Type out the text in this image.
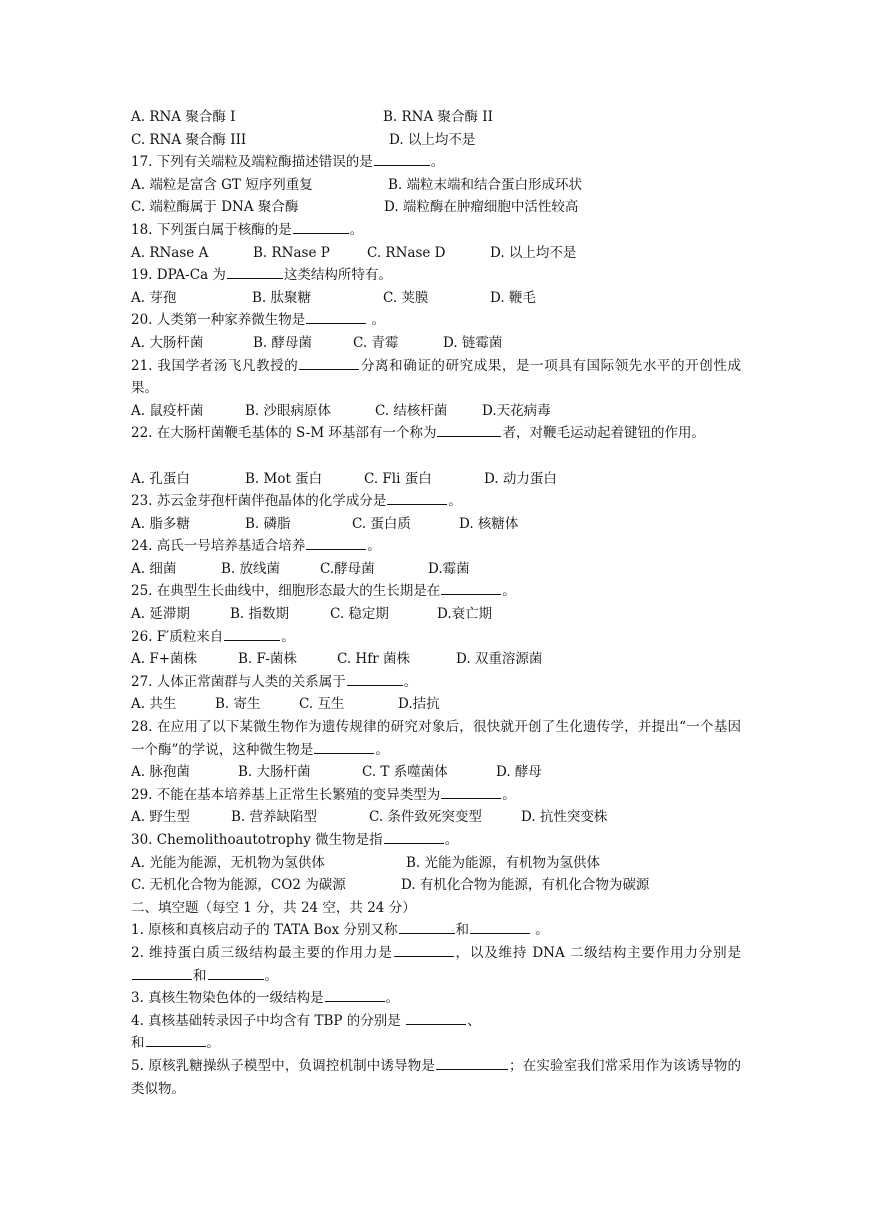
A. RNA 聚合酶 I	B. RNA 聚合酶 II
C. RNA 聚合酶 III	D. 以上均不是
17. 下列有关端粒及端粒酶描述错误的是	。
A. 端粒是富含 GT 短序列重复	B. 端粒末端和结合蛋白形成环状
C. 端粒酶属于 DNA 聚合酶	D. 端粒酶在肿瘤细胞中活性较高
18. 下列蛋白属于核酶的是	。
A. RNase A	B. RNase P	C. RNase D	D. 以上均不是
19. DPA-Ca 为	这类结构所特有。
A. 芽孢	B. 肽聚糖	C. 荚膜	D. 鞭毛
20. 人类第一种家养微生物是	。
A. 大肠杆菌	B. 酵母菌	C. 青霉	D. 链霉菌
21. 我国学者汤飞凡教授的	分离和确证的研究成果，是一项具有国际领先水平的开创性成果。
A. 鼠疫杆菌	B. 沙眼病原体	C. 结核杆菌	D.天花病毒
22. 在大肠杆菌鞭毛基体的 S-M 环基部有一个称为	者，对鞭毛运动起着键钮的作用。
A. 孔蛋白	B. Mot 蛋白	C. Fli 蛋白	D. 动力蛋白
23. 苏云金芽孢杆菌伴孢晶体的化学成分是	。
A. 脂多糖	B. 磷脂	C. 蛋白质	D. 核糖体
24. 高氏一号培养基适合培养	。
A. 细菌	B. 放线菌	C.酵母菌	D.霉菌
25. 在典型生长曲线中，细胞形态最大的生长期是在	。
A. 延滞期	B. 指数期	C. 稳定期	D.衰亡期
26. F′质粒来自	。
A. F+菌株	B. F-菌株	C. Hfr 菌株	D. 双重溶源菌
27. 人体正常菌群与人类的关系属于	。
A. 共生	B. 寄生	C. 互生	D.拮抗
28. 在应用了以下某微生物作为遗传规律的研究对象后，很快就开创了生化遗传学，并提出“一个基因一个酶”的学说，这种微生物是	。
A. 脉孢菌	B. 大肠杆菌	C. T 系噬菌体	D. 酵母
29. 不能在基本培养基上正常生长繁殖的变异类型为	。
A. 野生型	B. 营养缺陷型	C. 条件致死突变型	D. 抗性突变株
30. Chemolithoautotrophy 微生物是指	。
A. 光能为能源，无机物为氢供体	B. 光能为能源，有机物为氢供体
C. 无机化合物为能源，CO2 为碳源	D. 有机化合物为能源，有机化合物为碳源
二、填空题（每空 1 分，共 24 空，共 24 分）
1. 原核和真核启动子的 TATA Box 分别又称	和	。
2. 维持蛋白质三级结构最主要的作用力是	，以及维持 DNA 二级结构主要作用力分别是和	。
3. 真核生物染色体的一级结构是	。
4. 真核基础转录因子中均含有 TBP 的分别是	、
和	。
5. 原核乳糖操纵子模型中，负调控机制中诱导物是	；在实验室我们常采用作为该诱导物的类似物。
